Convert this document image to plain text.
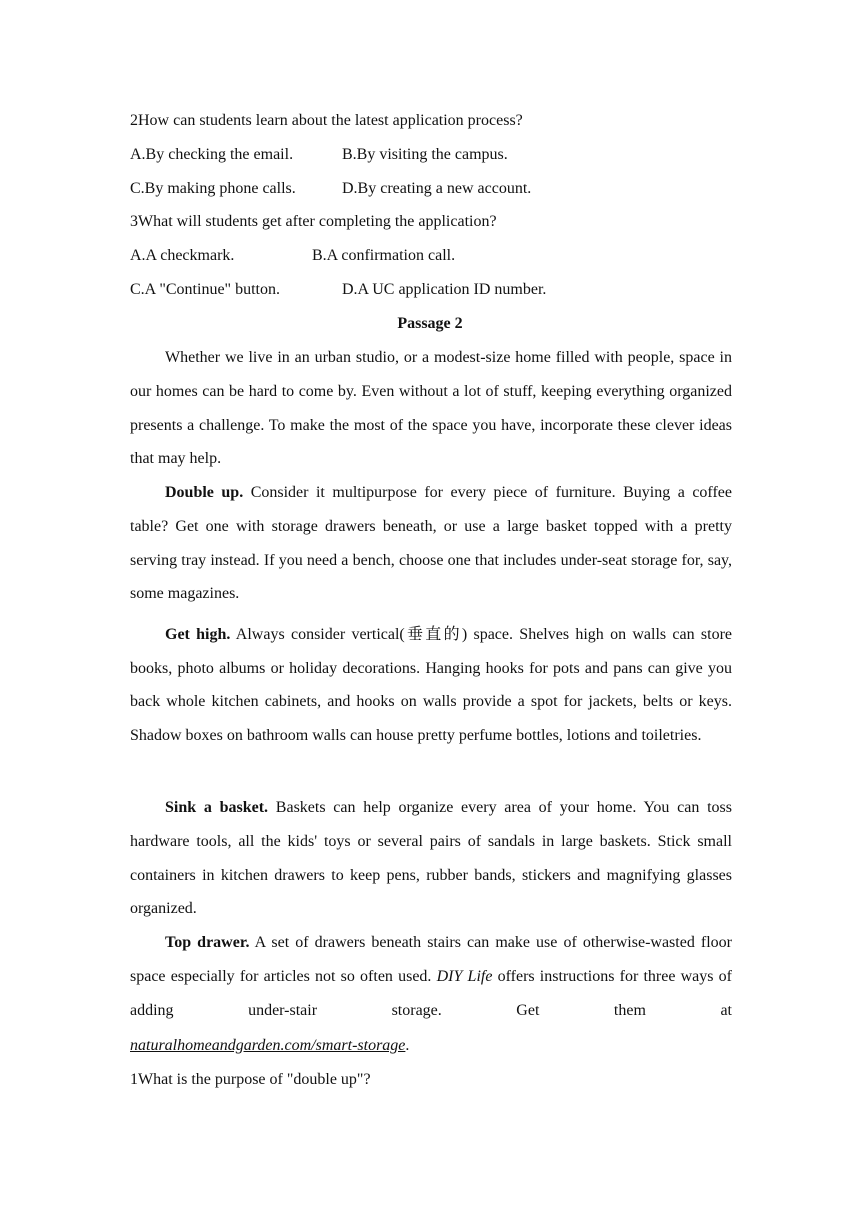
2How can students learn about the latest application process?
A.By checking the email.	B.By visiting the campus.
C.By making phone calls.	D.By creating a new account.
3What will students get after completing the application?
A.A checkmark.	B.A confirmation call.
C.A "Continue" button.	D.A UC application ID number.
Passage 2

Whether we live in an urban studio, or a modest-size home filled with people, space in our homes can be hard to come by. Even without a lot of stuff, keeping everything organized presents a challenge. To make the most of the space you have, incorporate these clever ideas that may help.

Double up. Consider it multipurpose for every piece of furniture. Buying a coffee table? Get one with storage drawers beneath, or use a large basket topped with a pretty serving tray instead. If you need a bench, choose one that includes under-seat storage for, say, some magazines.

Get high. Always consider vertical(垂直的) space. Shelves high on walls can store books, photo albums or holiday decorations. Hanging hooks for pots and pans can give you back whole kitchen cabinets, and hooks on walls provide a spot for jackets, belts or keys. Shadow boxes on bathroom walls can house pretty perfume bottles, lotions and toiletries.

Sink a basket. Baskets can help organize every area of your home. You can toss hardware tools, all the kids' toys or several pairs of sandals in large baskets. Stick small containers in kitchen drawers to keep pens, rubber bands, stickers and magnifying glasses organized.

Top drawer. A set of drawers beneath stairs can make use of otherwise-wasted floor space especially for articles not so often used. DIY Life offers instructions for three ways of adding under-stair storage. Get them at

naturalhomeandgarden.com/smart-storage.
1What is the purpose of "double up"?
